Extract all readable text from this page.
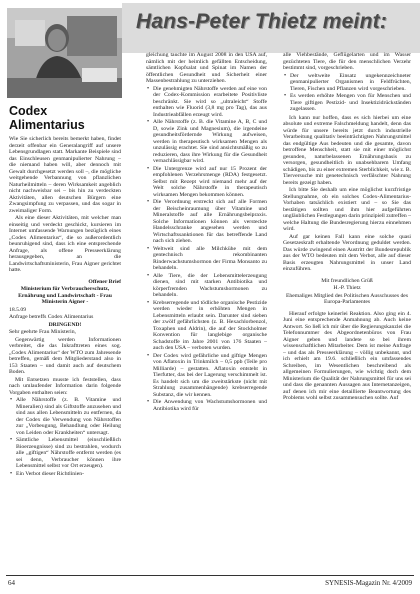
Hans-Peter Thietz meint:
Codex Alimentarius

Wie Sie sicherlich bereits bemerkt haben, findet derzeit offenbar ein Generalangriff auf unsere Lebensgrundlagen statt. Markante Beispiele sind das Einschleusen genmanipulierter Nahrung – die niemand haben will, aber dennoch mit Gewalt durchgesetzt werden soll –, die mögliche weitgehende Verbannung von pflanzlichen Naturheilmitteln – deren Wirksamkeit angeblich nicht nachweisbar sei – bis hin zu verdeckten Aktivitäten, allen deutschen Bürgern eine Zwangsimpfung zu verpassen, und das sogar in zweimaliger Form.

Als eine dieser Aktivitäten, mit welcher man einseitig und verdeckt geschickt, kursieren im Internet umfassende Warnungen bezüglich eines „Codex Alimentarius“, die so außerordentlich beunruhigend sind, dass ich eine entsprechende Anfrage, als offene Presseerklärung herausgegeben, an die Landwirtschaftsministerin, Frau Aigner gerichtet hatte.

Offener Brief

Ministerium für Verbraucherschutz, Ernährung und Landwirtschaft - Frau Ministerin Aigner -

18.5.09

Anfrage betreffs Codex Alimentarius

DRINGEND!

Sehr geehrte Frau Ministerin,

Gegenwärtig werden Informationen verbreitet, die das Inkrafttreten eines sog. „Codex Alimentarius“ der WTO zum Jahresende betreffen, gemäß dem Mitgliederstand also in 153 Staaten – und damit auch auf deutschem Boden.

Mit Entsetzen musste ich feststellen, dass nach umlaufender Information darin folgende Vorgaben enthalten seien:

• Alle Nährstoffe (z. B. Vitamine und Mineralien) sind als Giftstoffe anzusehen und sind aus allen Lebensmitteln zu entfernen, da der Codex die Verwendung von Nährstoffen zur „Vorbeugung, Behandlung oder Heilung von Leiden oder Krankheiten“ untersagt.
• Sämtliche Lebensmittel (einschließlich Bioerzeugnisse) sind zu bestrahlen, wodurch alle „giftigen“ Nährstoffe entfernt werden (es sei denn, Verbraucher können ihre Lebensmittel selbst vor Ort erzeugen).
• Ein Verbot dieser Richtlinien-
gleichung tauchte im August 2008 in den USA auf, nämlich mit der heimlich gefällten Entscheidung, sämtlichen Kopfsalat und Spinat im Namen der öffentlichen Gesundheit und Sicherheit einer Massenbestrahlung zu unterziehen.
• Die genehmigten Nährstoffe werden auf eine von der Codex-Kommission erarbeitete Positivliste beschränkt. Sie wird so „ultraleicht“ Stoffe enthalten wie Fluorid (3,8 mg pro Tag), das aus Industrieabfällen erzeugt wird.
• Alle Nährstoffe (z. B. die Vitamine A, B, C und D, sowie Zink und Magnesium), die irgendeine gesundheitsfördernde Wirkung aufweisen, werden in therapeutisch wirksamen Mengen als unzulässig erachtet. Sie sind ansichtsmäßig so zu reduzieren, dass ihre Wirkung für die Gesundheit vernachlässigbar wird.
• Die Untergrenze wird auf nur 15 Prozent der empfohlenen Verzehrsmenge (RDA) festgesetzt. Selbst mit Rezept wird niemand mehr auf der Welt solche Nährstoffe in therapeutisch wirksamen Mengen bekommen können.
• Die Verordnung erstreckt sich auf alle Formen der Beischeinraumung über Vitamine und Mineralstoffe auf alle Ernährungsbeipraxis. Solche Informationen können als versteckte Handelsschranke angesehen werden und Wirtschaftssanktionen für das betreffende Land nach sich ziehen.
• Weltweit sind alle Milchkühe mit dem gentechnisch rekombinanten Rinderwachstumshormon der Firma Monsanto zu behandeln.
• Alle Tiere, die der Lebensmittelerzeugung dienen, sind mit starken Antibiotika und körperfremden Wachstumshormonen zu behandeln.
• Krebserregende und tödliche organische Pestizide werden wieder in erhöhten Mengen in Lebensmitteln erlaubt sein. Darunter sind sieben der zwölf gefährlichsten (z. B. Hexachlorbenzol, Toxaphen und Aldrin), die auf der Stockholmer Konvention für langlebige organische Schadstoffe im Jahre 2001 von 176 Staaten – auch den USA – verboten wurden.
• Der Codex wird gefährliche und giftige Mengen von Aflatoxin in Trinkmilch – 0,5 ppb (Teile pro Milliarde) – gestatten. Aflatoxin entsteht in Tierfutter, das bei der Lagerung verschimmelt ist. Es handelt sich um die zweitstärkste (nicht mit Strahlung zusammenhängende) krebserregende Substanz, die wir kennen.
• Die Anwendung von Wachstumshormonen und Antibiotika wird für
alle Viehbestände, Geflügelarten und im Wasser gezüchteten Tiere, die für den menschlichen Verzehr bestimmt sind, vorgeschrieben.
• Der weltweite Einsatz ungekennzeichneter genmanipulierter Organismen in Feldfrüchten, Tieren, Fischen und Pflanzen wird vorgeschrieben.
• Es werden erhöhte Mengen von für Menschen und Tiere giftigen Pestizid- und Insektizidrückständen zugelassen.

Ich kann nur hoffen, dass es sich hierbei um eine absolute und extreme Falschmeldung handelt, denn das würde für unsere bereits jetzt durch industrielle Verarbeitung qualitativ beeinträchtigten Nahrungsmittel das endgültige Aus bedeuten und die gesamte, davon betroffene Menschheit, statt sie mit einer möglichst gesunden, naturbelassenen Ernährungsbasis zu versorgen, gesundheitlich in unabsehbarem Umfang schädigen, bis zu einer extremen Sterblichkeit, wie z. B. Tierversuche mit genetechnisch verfälschter Nahrung bereits gezeigt haben.

Ich bitte Sie deshalb um eine möglichst kurzfristige Stellungnahme, ob ein solches Codex-Alimentarius-Vorhaben tatsächlich existiert und – so Sie das bestätigen sollten und ihm hier aufgeführten ungläublichen Festlegungen darin prinzipiell zutreffen – welche Haltung die Bundesregierung hierzu einnehmen wird.

Auf gar keinen Fall kann eine solche quasi Gesetzeskraft erhaltende Verordnung geduldet werden. Das würde zwingend einen Austritt der Bundesrepublik aus der WTO bedeuten mit dem Verbot, alle auf dieser Basis erzeugten Nahrungsmittel in unser Land einzuführen.

Mit freundlichen Grüß

H.-P. Thietz

Ehemaliges Mitglied des Politischen Ausschusses des Europa-Parlamentes

Hierauf erfolgte keinerlei Reaktion. Also ging ein 4. Juni eine entsprechende Anmahnung ab. Auch keine Antwort. So ließ ich mir über die Regierungskanzlei die Telefonnummer des Abgeordnetenbüros von Frau Aigner geben und landete so bei ihrem wissenschaftlichen Mitarbeiter. Dem ist meine Anfrage – und das als Presseerklärung – völlig unbekannt, und ich erhielt am 19.6. schließlich ein umfassendes Schreiben, im Wesentlichen beschreibend als allgemeinen Formulierungen, wie wichtig doch dem Ministerium die Qualität der Nahrungsmittel für uns sei und dass die genannten Aussagen aus Internetanzeigen, auf denen ich mir eine detaillierte Beantwortung des Problems wohl selbst zusammensuchen sollte. Auf

64	SYNESIS-Magazin Nr. 4/2009
